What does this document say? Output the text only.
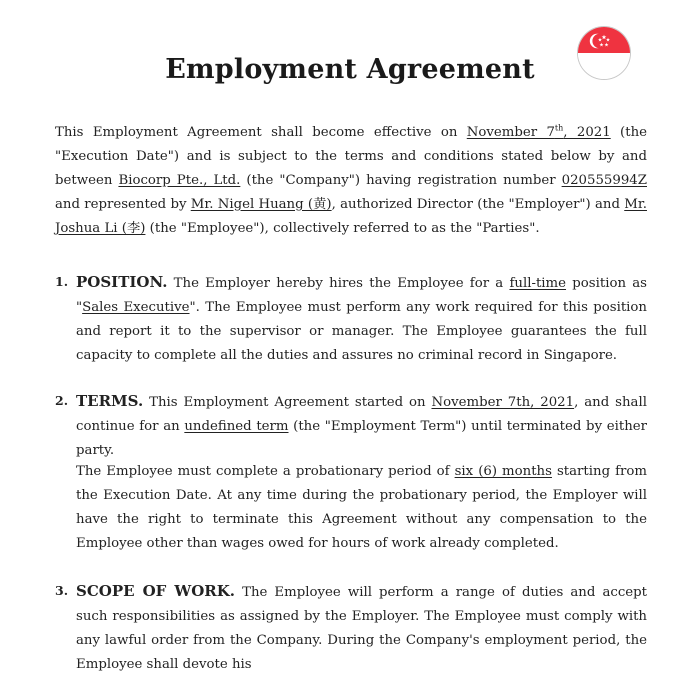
Employment Agreement

This Employment Agreement shall become effective on November 7th, 2021 (the "Execution Date") and is subject to the terms and conditions stated below by and between Biocorp Pte., Ltd. (the "Company") having registration number 020555994Z and represented by Mr. Nigel Huang (黄), authorized Director (the "Employer") and Mr. Joshua Li (李) (the "Employee"), collectively referred to as the "Parties".

1. POSITION. The Employer hereby hires the Employee for a full-time position as "Sales Executive". The Employee must perform any work required for this position and report it to the supervisor or manager. The Employee guarantees the full capacity to complete all the duties and assures no criminal record in Singapore.

2. TERMS. This Employment Agreement started on November 7th, 2021, and shall continue for an undefined term (the "Employment Term") until terminated by either party.

The Employee must complete a probationary period of six (6) months starting from the Execution Date. At any time during the probationary period, the Employer will have the right to terminate this Agreement without any compensation to the Employee other than wages owed for hours of work already completed.

3. SCOPE OF WORK. The Employee will perform a range of duties and accept such responsibilities as assigned by the Employer. The Employee must comply with any lawful order from the Company. During the Company's employment period, the Employee shall devote his
